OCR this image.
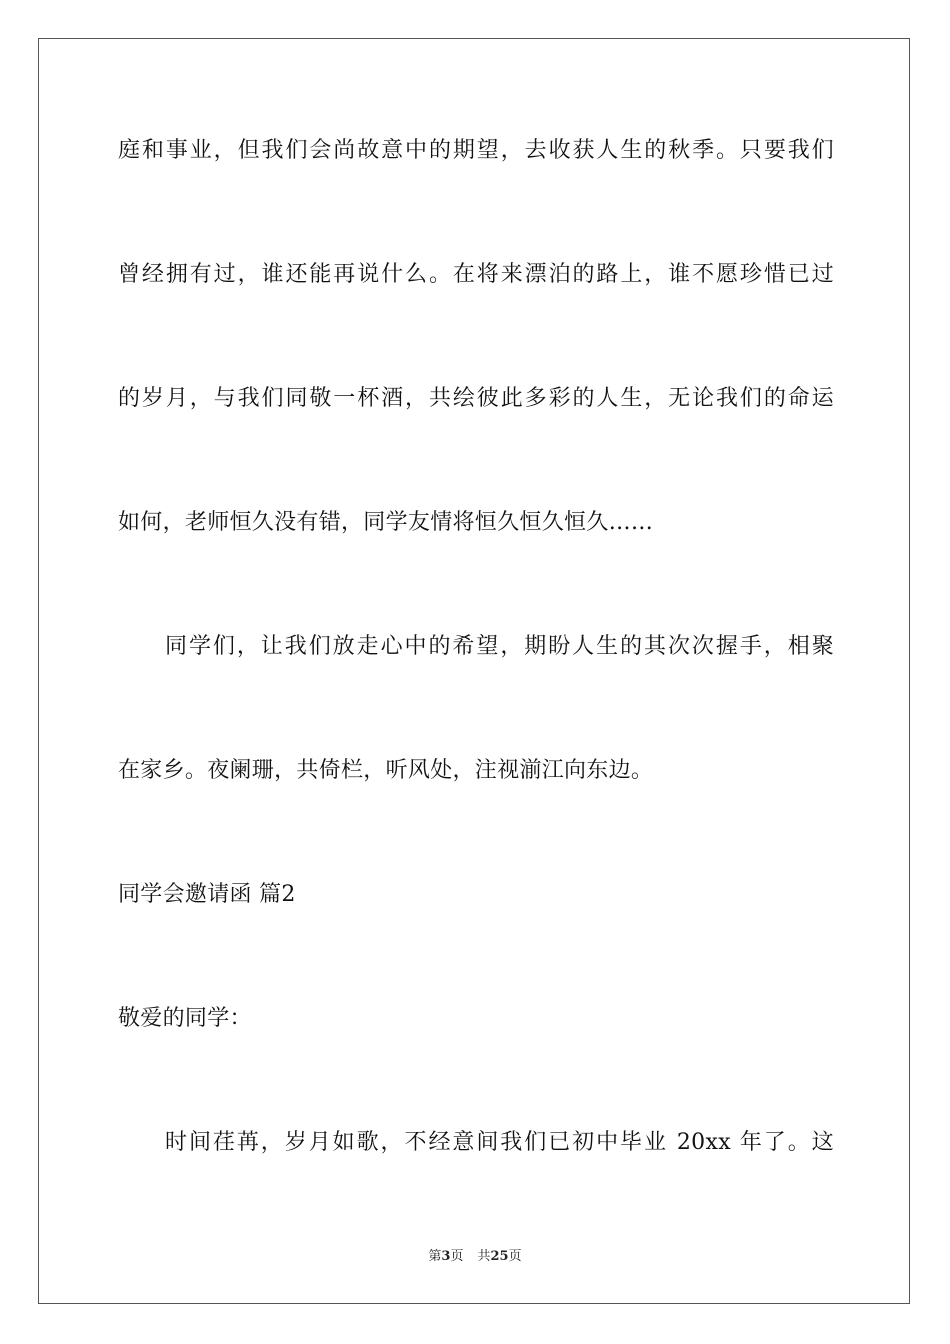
庭和事业，但我们会尚故意中的期望，去收获人生的秋季。只要我们
曾经拥有过，谁还能再说什么。在将来漂泊的路上，谁不愿珍惜已过
的岁月，与我们同敬一杯酒，共绘彼此多彩的人生，无论我们的命运
如何，老师恒久没有错，同学友情将恒久恒久恒久……
同学们，让我们放走心中的希望，期盼人生的其次次握手，相聚
在家乡。夜阑珊，共倚栏，听风处，注视湔江向东边。
同学会邀请函 篇2
敬爱的同学：
时间荏苒，岁月如歌，不经意间我们已初中毕业 20xx 年了。这
第3页 共25页
